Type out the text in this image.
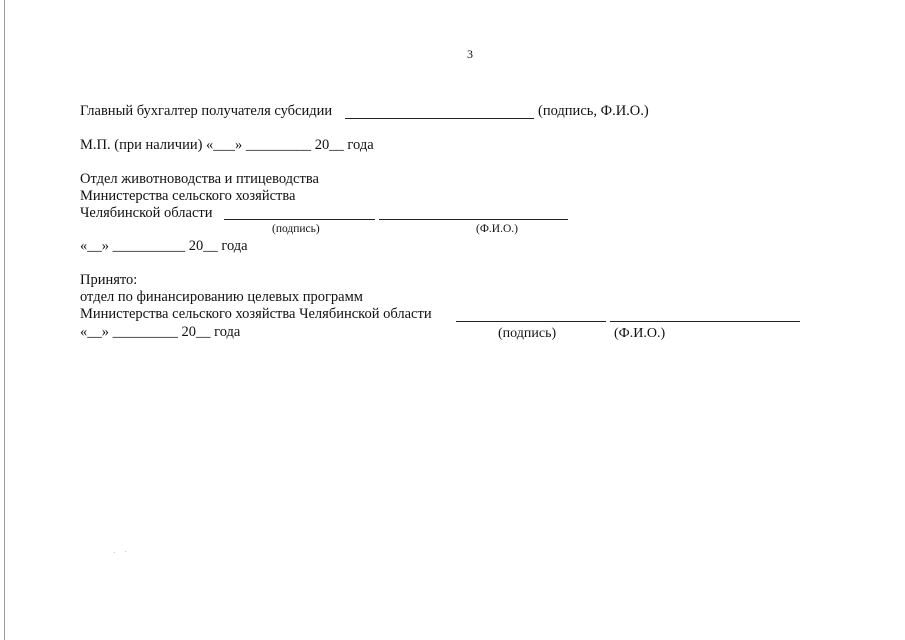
3
Главный бухгалтер получателя субсидии	(подпись, Ф.И.О.)
М.П. (при наличии) «___» _________ 20__ года
Отдел животноводства и птицеводства
Министерства сельского хозяйства
Челябинской области
(подпись)	(Ф.И.О.)
«__» __________ 20__ года
Принято:
отдел по финансированию целевых программ
Министерства сельского хозяйства Челябинской области
«__» _________ 20__ года	(подпись)	(Ф.И.О.)
